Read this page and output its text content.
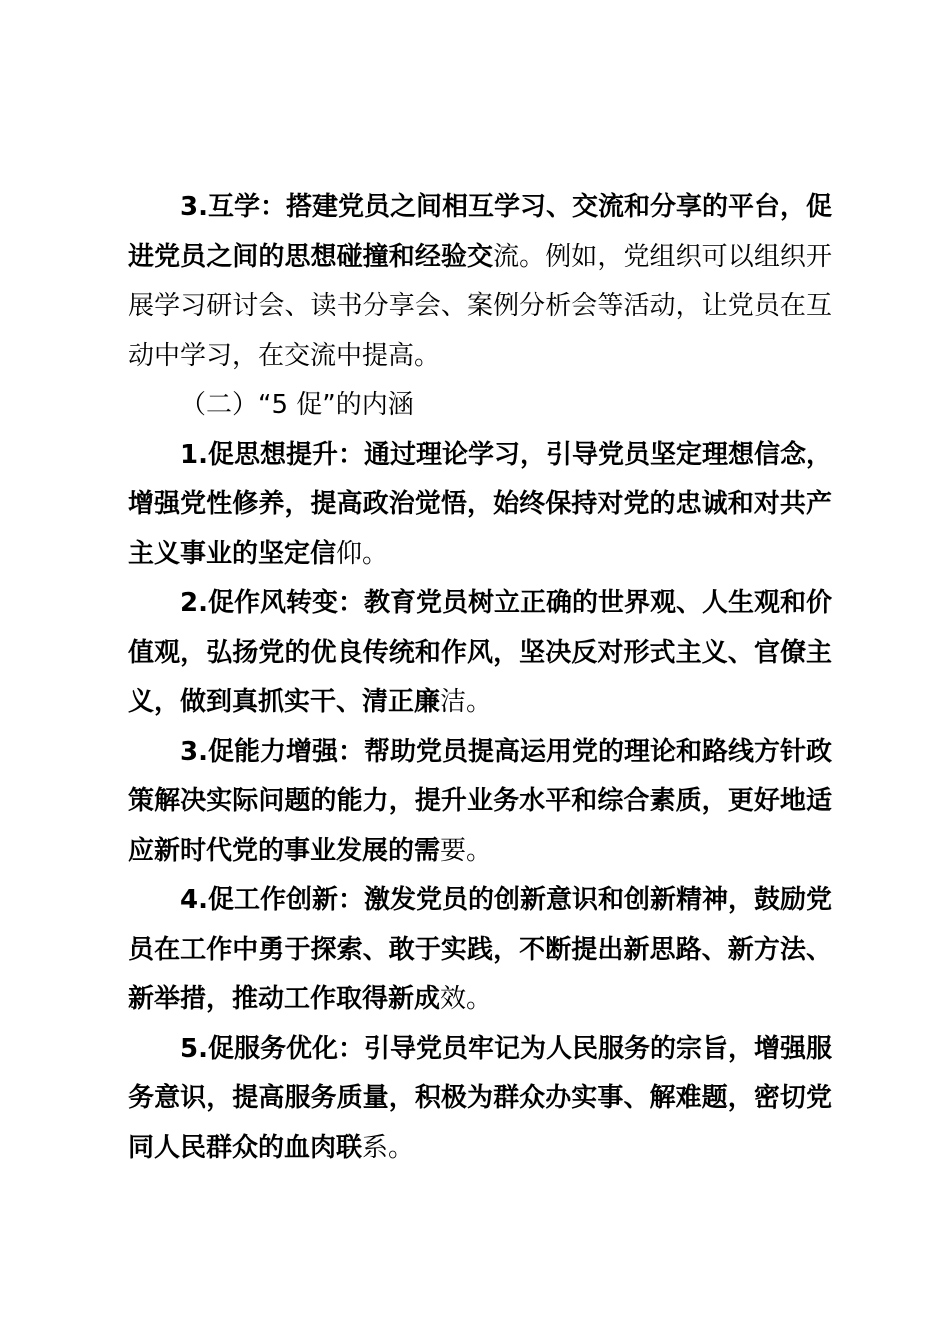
3.互学：搭建党员之间相互学习、交流和分享的平台，促进党员之间的思想碰撞和经验交流。例如，党组织可以组织开展学习研讨会、读书分享会、案例分析会等活动，让党员在互动中学习，在交流中提高。

（二）“5 促”的内涵

1.促思想提升：通过理论学习，引导党员坚定理想信念，增强党性修养，提高政治觉悟，始终保持对党的忠诚和对共产主义事业的坚定信仰。

2.促作风转变：教育党员树立正确的世界观、人生观和价值观，弘扬党的优良传统和作风，坚决反对形式主义、官僚主义，做到真抓实干、清正廉洁。

3.促能力增强：帮助党员提高运用党的理论和路线方针政策解决实际问题的能力，提升业务水平和综合素质，更好地适应新时代党的事业发展的需要。

4.促工作创新：激发党员的创新意识和创新精神，鼓励党员在工作中勇于探索、敢于实践，不断提出新思路、新方法、新举措，推动工作取得新成效。

5.促服务优化：引导党员牢记为人民服务的宗旨，增强服务意识，提高服务质量，积极为群众办实事、解难题，密切党同人民群众的血肉联系。
